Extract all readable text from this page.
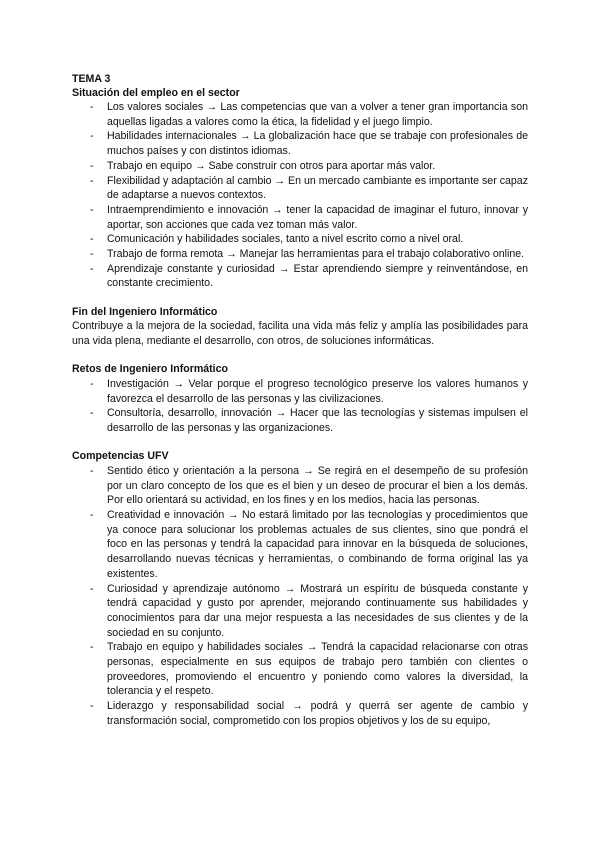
TEMA 3
Situación del empleo en el sector
- Los valores sociales → Las competencias que van a volver a tener gran importancia son aquellas ligadas a valores como la ética, la fidelidad y el juego limpio.
- Habilidades internacionales → La globalización hace que se trabaje con profesionales de muchos países y con distintos idiomas.
- Trabajo en equipo → Sabe construir con otros para aportar más valor.
- Flexibilidad y adaptación al cambio → En un mercado cambiante es importante ser capaz de adaptarse a nuevos contextos.
- Intraemprendimiento e innovación → tener la capacidad de imaginar el futuro, innovar y aportar, son acciones que cada vez toman más valor.
- Comunicación y habilidades sociales, tanto a nivel escrito como a nivel oral.
- Trabajo de forma remota → Manejar las herramientas para el trabajo colaborativo online.
- Aprendizaje constante y curiosidad → Estar aprendiendo siempre y reinventándose, en constante crecimiento.
Fin del Ingeniero Informático
Contribuye a la mejora de la sociedad, facilita una vida más feliz y amplía las posibilidades para una vida plena, mediante el desarrollo, con otros, de soluciones informáticas.
Retos de Ingeniero Informático
- Investigación → Velar porque el progreso tecnológico preserve los valores humanos y favorezca el desarrollo de las personas y las civilizaciones.
- Consultoría, desarrollo, innovación → Hacer que las tecnologías y sistemas impulsen el desarrollo de las personas y las organizaciones.
Competencias UFV
- Sentido ético y orientación a la persona → Se regirá en el desempeño de su profesión por un claro concepto de los que es el bien y un deseo de procurar el bien a los demás. Por ello orientará su actividad, en los fines y en los medios, hacia las personas.
- Creatividad e innovación → No estará limitado por las tecnologías y procedimientos que ya conoce para solucionar los problemas actuales de sus clientes, sino que pondrá el foco en las personas y tendrá la capacidad para innovar en la búsqueda de soluciones, desarrollando nuevas técnicas y herramientas, o combinando de forma original las ya existentes.
- Curiosidad y aprendizaje autónomo → Mostrará un espíritu de búsqueda constante y tendrá capacidad y gusto por aprender, mejorando continuamente sus habilidades y conocimientos para dar una mejor respuesta a las necesidades de sus clientes y de la sociedad en su conjunto.
- Trabajo en equipo y habilidades sociales → Tendrá la capacidad relacionarse con otras personas, especialmente en sus equipos de trabajo pero también con clientes o proveedores, promoviendo el encuentro y poniendo como valores la diversidad, la tolerancia y el respeto.
- Liderazgo y responsabilidad social → podrá y querrá ser agente de cambio y transformación social, comprometido con los propios objetivos y los de su equipo,
